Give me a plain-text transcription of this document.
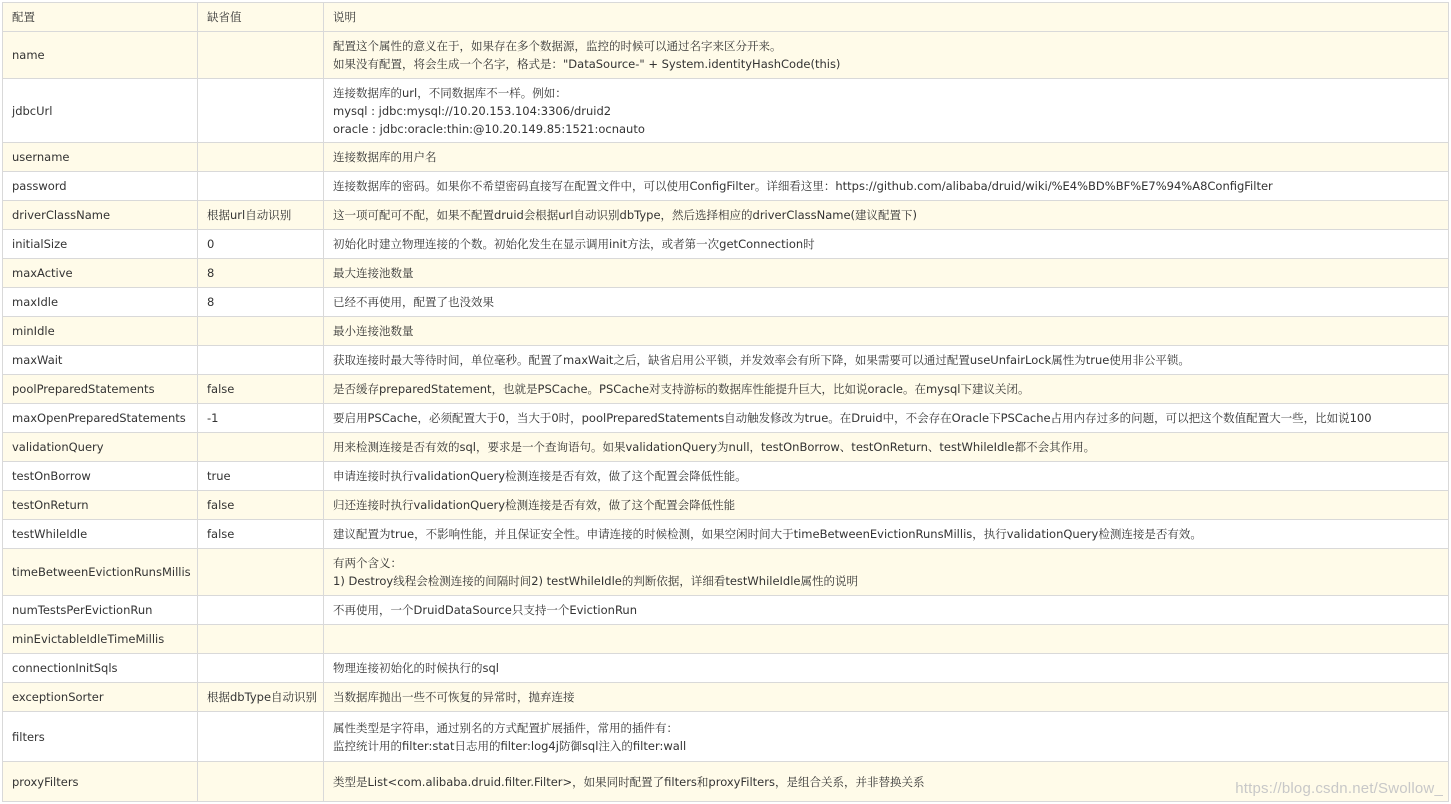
配置	缺省值	说明
name		配置这个属性的意义在于，如果存在多个数据源，监控的时候可以通过名字来区分开来。
如果没有配置，将会生成一个名字，格式是："DataSource-" + System.identityHashCode(this)

jdbcUrl		连接数据库的url，不同数据库不一样。例如：
mysql : jdbc:mysql://10.20.153.104:3306/druid2
oracle : jdbc:oracle:thin:@10.20.149.85:1521:ocnauto

username		连接数据库的用户名

password		连接数据库的密码。如果你不希望密码直接写在配置文件中，可以使用ConfigFilter。详细看这里：https://github.com/alibaba/druid/wiki/%E4%BD%BF%E7%94%A8ConfigFilter

driverClassName	根据url自动识别	这一项可配可不配，如果不配置druid会根据url自动识别dbType，然后选择相应的driverClassName(建议配置下)

initialSize	0	初始化时建立物理连接的个数。初始化发生在显示调用init方法，或者第一次getConnection时

maxActive	8	最大连接池数量

maxIdle	8	已经不再使用，配置了也没效果

minIdle		最小连接池数量

maxWait		获取连接时最大等待时间，单位毫秒。配置了maxWait之后，缺省启用公平锁，并发效率会有所下降，如果需要可以通过配置useUnfairLock属性为true使用非公平锁。

poolPreparedStatements	false	是否缓存preparedStatement，也就是PSCache。PSCache对支持游标的数据库性能提升巨大，比如说oracle。在mysql下建议关闭。

maxOpenPreparedStatements	-1	要启用PSCache，必须配置大于0，当大于0时，poolPreparedStatements自动触发修改为true。在Druid中，不会存在Oracle下PSCache占用内存过多的问题，可以把这个数值配置大一些，比如说100

validationQuery		用来检测连接是否有效的sql，要求是一个查询语句。如果validationQuery为null，testOnBorrow、testOnReturn、testWhileIdle都不会其作用。

testOnBorrow	true	申请连接时执行validationQuery检测连接是否有效，做了这个配置会降低性能。

testOnReturn	false	归还连接时执行validationQuery检测连接是否有效，做了这个配置会降低性能

testWhileIdle	false	建议配置为true，不影响性能，并且保证安全性。申请连接的时候检测，如果空闲时间大于timeBetweenEvictionRunsMillis，执行validationQuery检测连接是否有效。

timeBetweenEvictionRunsMillis		有两个含义：
1) Destroy线程会检测连接的间隔时间2) testWhileIdle的判断依据，详细看testWhileIdle属性的说明

numTestsPerEvictionRun		不再使用，一个DruidDataSource只支持一个EvictionRun

minEvictableIdleTimeMillis		
connectionInitSqls		物理连接初始化的时候执行的sql

exceptionSorter	根据dbType自动识别	当数据库抛出一些不可恢复的异常时，抛弃连接

filters		属性类型是字符串，通过别名的方式配置扩展插件，常用的插件有：
监控统计用的filter:stat日志用的filter:log4j防御sql注入的filter:wall

proxyFilters		类型是List<com.alibaba.druid.filter.Filter>，如果同时配置了filters和proxyFilters，是组合关系，并非替换关系	https://blog.csdn.net/Swollow_
